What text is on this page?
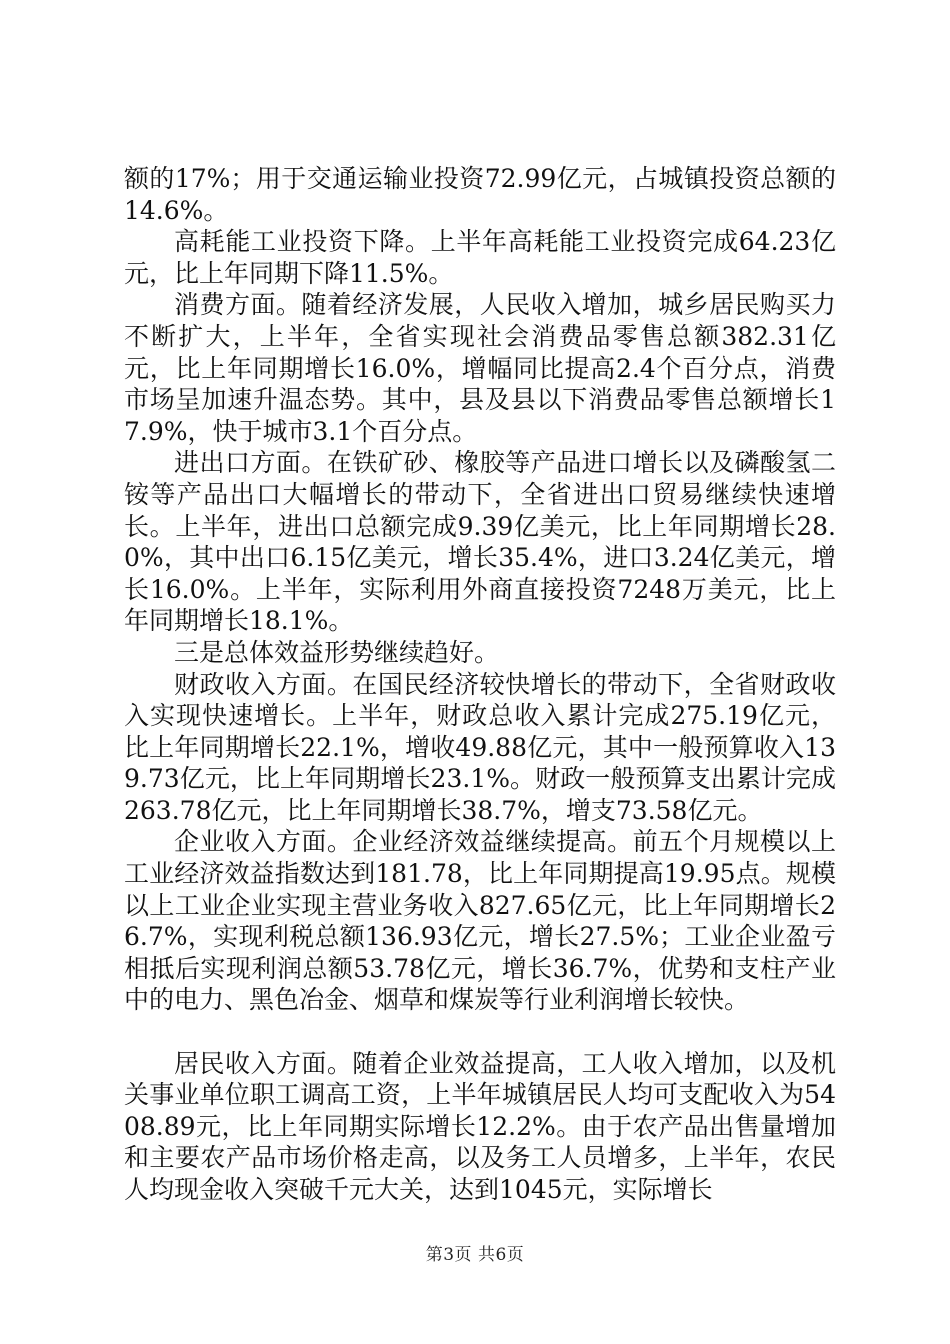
额的17%；用于交通运输业投资72.99亿元，占城镇投资总额的14.6%。

高耗能工业投资下降。上半年高耗能工业投资完成64.23亿元，比上年同期下降11.5%。

消费方面。随着经济发展，人民收入增加，城乡居民购买力不断扩大，上半年，全省实现社会消费品零售总额382.31亿元，比上年同期增长16.0%，增幅同比提高2.4个百分点，消费市场呈加速升温态势。其中，县及县以下消费品零售总额增长17.9%，快于城市3.1个百分点。

进出口方面。在铁矿砂、橡胶等产品进口增长以及磷酸氢二铵等产品出口大幅增长的带动下，全省进出口贸易继续快速增长。上半年，进出口总额完成9.39亿美元，比上年同期增长28.0%，其中出口6.15亿美元，增长35.4%，进口3.24亿美元，增长16.0%。上半年，实际利用外商直接投资7248万美元，比上年同期增长18.1%。

三是总体效益形势继续趋好。

财政收入方面。在国民经济较快增长的带动下，全省财政收入实现快速增长。上半年，财政总收入累计完成275.19亿元，比上年同期增长22.1%，增收49.88亿元，其中一般预算收入139.73亿元，比上年同期增长23.1%。财政一般预算支出累计完成263.78亿元，比上年同期增长38.7%，增支73.58亿元。

企业收入方面。企业经济效益继续提高。前五个月规模以上工业经济效益指数达到181.78，比上年同期提高19.95点。规模以上工业企业实现主营业务收入827.65亿元，比上年同期增长26.7%，实现利税总额136.93亿元，增长27.5%；工业企业盈亏相抵后实现利润总额53.78亿元，增长36.7%，优势和支柱产业中的电力、黑色冶金、烟草和煤炭等行业利润增长较快。

居民收入方面。随着企业效益提高，工人收入增加，以及机关事业单位职工调高工资，上半年城镇居民人均可支配收入为5408.89元，比上年同期实际增长12.2%。由于农产品出售量增加和主要农产品市场价格走高，以及务工人员增多，上半年，农民人均现金收入突破千元大关，达到1045元，实际增长

第3页 共6页
